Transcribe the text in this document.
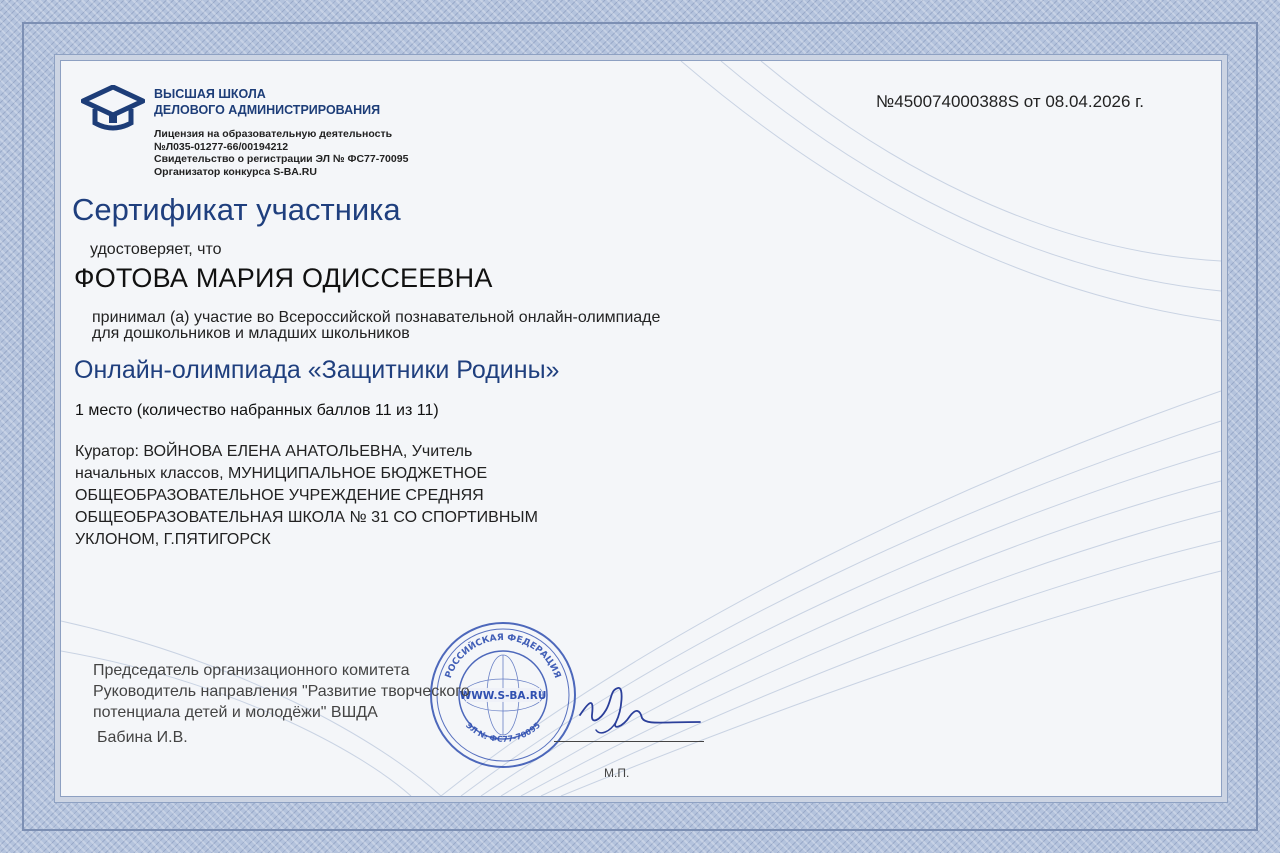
ВЫСШАЯ ШКОЛА
ДЕЛОВОГО АДМИНИСТРИРОВАНИЯ
Лицензия на образовательную деятельность
№Л035-01277-66/00194212
Свидетельство о регистрации ЭЛ № ФС77-70095
Организатор конкурса S-BA.RU
№450074000388S от 08.04.2026 г.
Сертификат участника
удостоверяет, что
ФОТОВА МАРИЯ ОДИССЕЕВНА
принимал (а) участие во Всероссийской познавательной онлайн-олимпиаде
для дошкольников и младших школьников
Онлайн-олимпиада «Защитники Родины»
1 место (количество набранных баллов 11 из 11)
Куратор: ВОЙНОВА ЕЛЕНА АНАТОЛЬЕВНА, Учитель
начальных классов, МУНИЦИПАЛЬНОЕ БЮДЖЕТНОЕ
ОБЩЕОБРАЗОВАТЕЛЬНОЕ УЧРЕЖДЕНИЕ СРЕДНЯЯ
ОБЩЕОБРАЗОВАТЕЛЬНАЯ ШКОЛА № 31 СО СПОРТИВНЫМ
УКЛОНОМ, Г.ПЯТИГОРСК
РОССИЙСКАЯ ФЕДЕРАЦИЯ
ЭЛ № ФС77-70095
WWW.S-BA.RU
Председатель организационного комитета
Руководитель направления "Развитие творческого
потенциала детей и молодёжи" ВШДА
Бабина И.В.
М.П.
